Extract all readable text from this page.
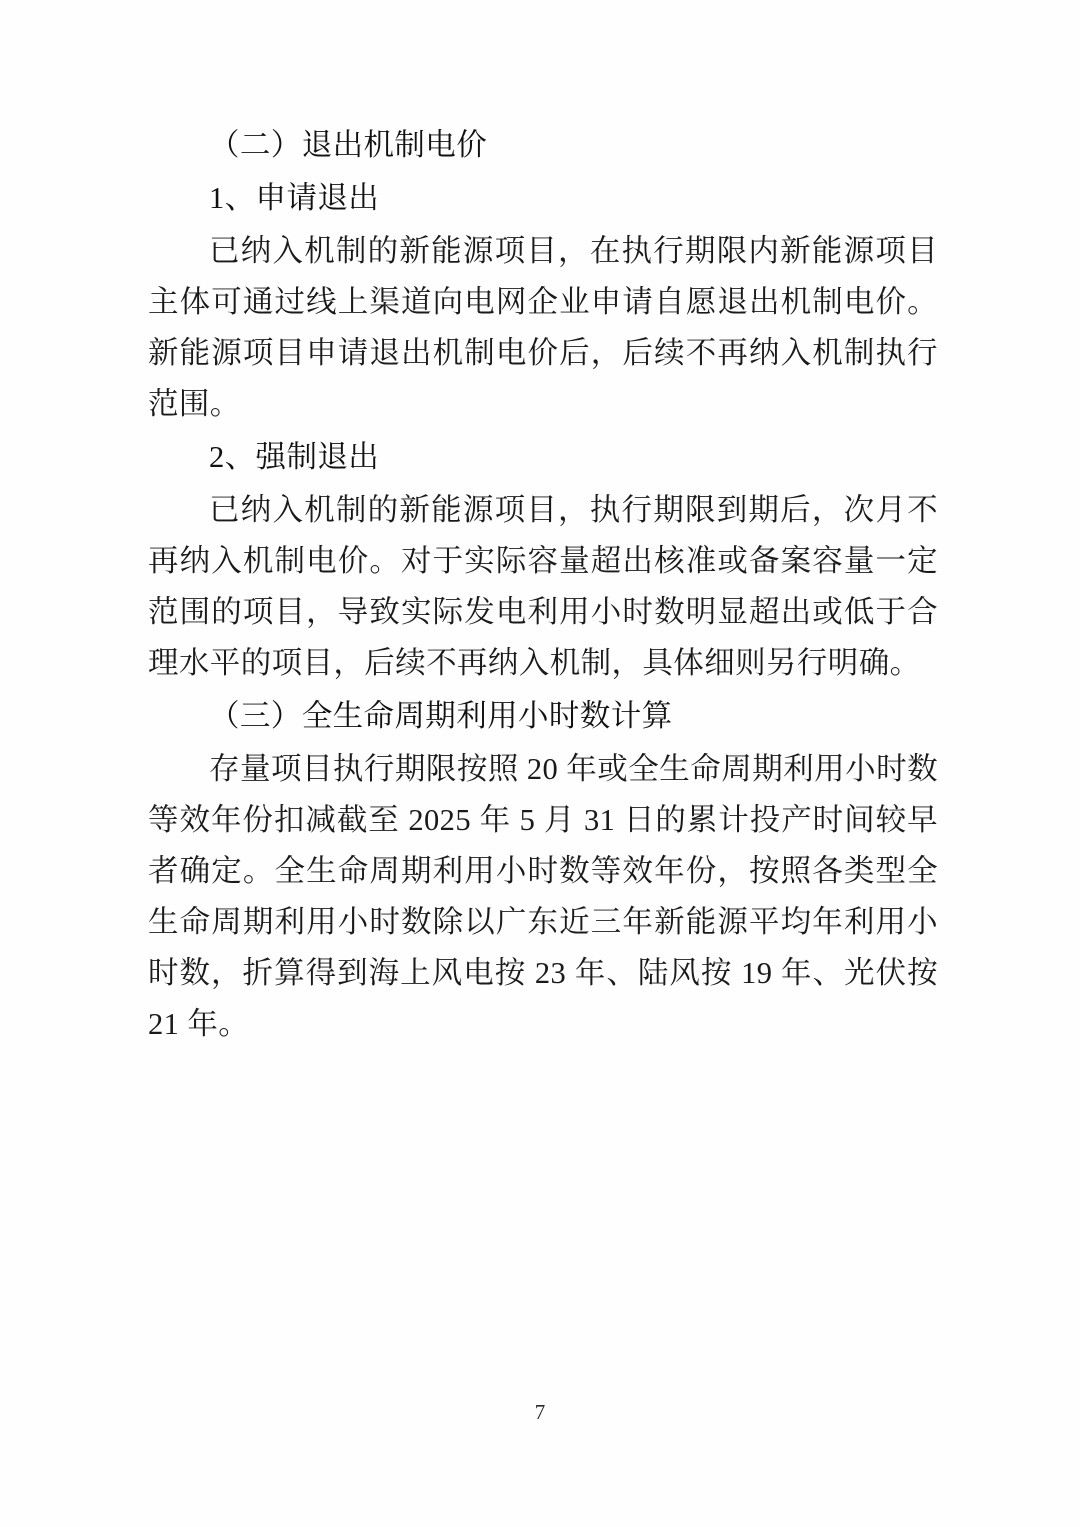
（二）退出机制电价

1、申请退出

已纳入机制的新能源项目，在执行期限内新能源项目主体可通过线上渠道向电网企业申请自愿退出机制电价。新能源项目申请退出机制电价后，后续不再纳入机制执行范围。

2、强制退出

已纳入机制的新能源项目，执行期限到期后，次月不再纳入机制电价。对于实际容量超出核准或备案容量一定范围的项目，导致实际发电利用小时数明显超出或低于合理水平的项目，后续不再纳入机制，具体细则另行明确。

（三）全生命周期利用小时数计算

存量项目执行期限按照 20 年或全生命周期利用小时数等效年份扣减截至 2025 年 5 月 31 日的累计投产时间较早者确定。全生命周期利用小时数等效年份，按照各类型全生命周期利用小时数除以广东近三年新能源平均年利用小时数，折算得到海上风电按 23 年、陆风按 19 年、光伏按 21 年。

7
